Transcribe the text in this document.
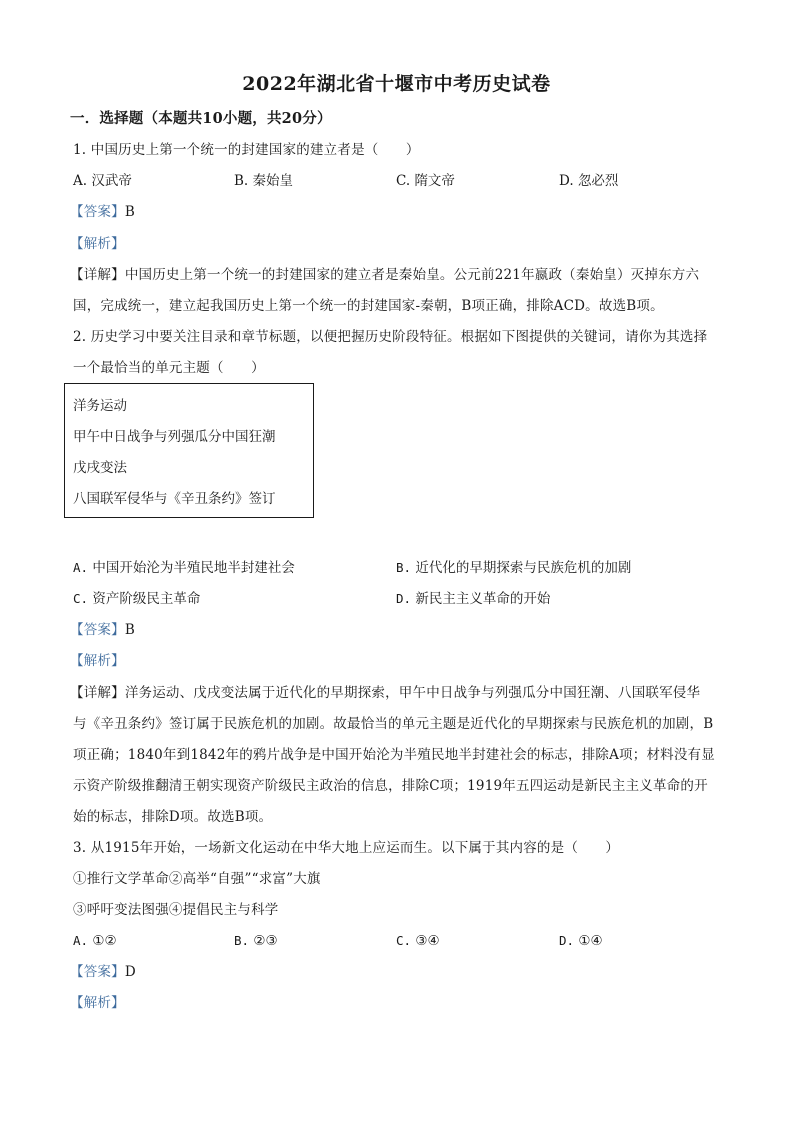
2022年湖北省十堰市中考历史试卷
一．选择题（本题共10小题，共20分）
1. 中国历史上第一个统一的封建国家的建立者是（　　）
A. 汉武帝	B. 秦始皇	C. 隋文帝	D. 忽必烈
【答案】B
【解析】
【详解】中国历史上第一个统一的封建国家的建立者是秦始皇。公元前221年嬴政（秦始皇）灭掉东方六
国，完成统一，建立起我国历史上第一个统一的封建国家-秦朝，B项正确，排除ACD。故选B项。
2. 历史学习中要关注目录和章节标题，以便把握历史阶段特征。根据如下图提供的关键词，请你为其选择
一个最恰当的单元主题（　　）
洋务运动
甲午中日战争与列强瓜分中国狂潮
戊戌变法
八国联军侵华与《辛丑条约》签订
A. 中国开始沦为半殖民地半封建社会	B. 近代化的早期探索与民族危机的加剧
C. 资产阶级民主革命	D. 新民主主义革命的开始
【答案】B
【解析】
【详解】洋务运动、戊戌变法属于近代化的早期探索，甲午中日战争与列强瓜分中国狂潮、八国联军侵华
与《辛丑条约》签订属于民族危机的加剧。故最恰当的单元主题是近代化的早期探索与民族危机的加剧，B
项正确；1840年到1842年的鸦片战争是中国开始沦为半殖民地半封建社会的标志，排除A项；材料没有显
示资产阶级推翻清王朝实现资产阶级民主政治的信息，排除C项；1919年五四运动是新民主主义革命的开
始的标志，排除D项。故选B项。
3. 从1915年开始，一场新文化运动在中华大地上应运而生。以下属于其内容的是（　　）
①推行文学革命②高举“自强”“求富”大旗
③呼吁变法图强④提倡民主与科学
A. ①②	B. ②③	C. ③④	D. ①④
【答案】D
【解析】
